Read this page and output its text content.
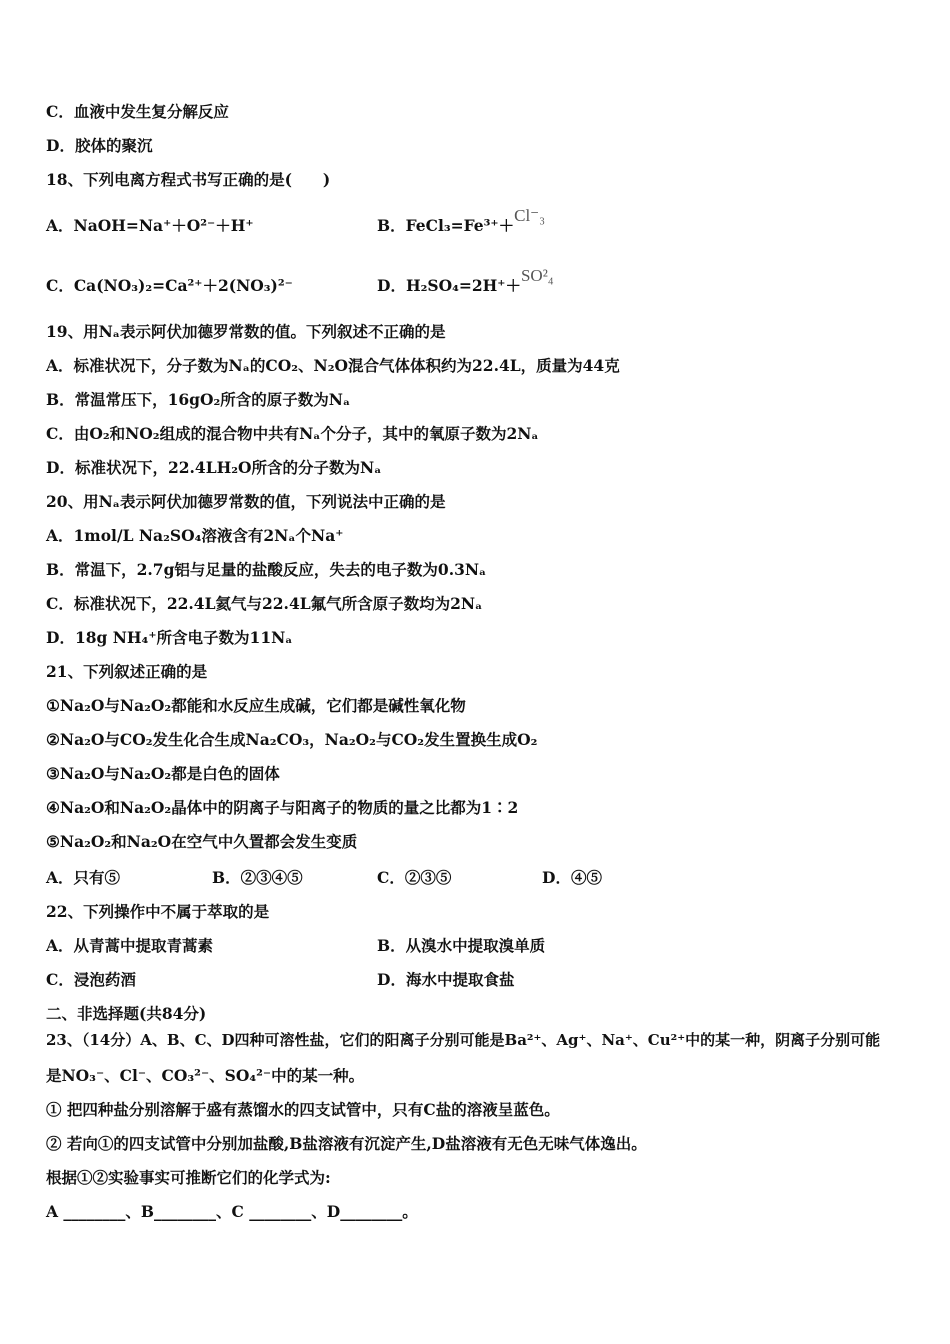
C．血液中发生复分解反应
D．胶体的聚沉
18、下列电离方程式书写正确的是(　　)
A．NaOH=Na⁺＋O²⁻＋H⁺	B．FeCl₃=Fe³⁺＋Cl⁻₃
C．Ca(NO₃)₂=Ca²⁺＋2(NO₃)²⁻	D．H₂SO₄=2H⁺＋SO²₄
19、用Nₐ表示阿伏加德罗常数的值。下列叙述不正确的是
A．标准状况下，分子数为Nₐ的CO₂、N₂O混合气体体积约为22.4L，质量为44克
B．常温常压下，16gO₂所含的原子数为Nₐ
C．由O₂和NO₂组成的混合物中共有Nₐ个分子，其中的氧原子数为2Nₐ
D．标准状况下，22.4LH₂O所含的分子数为Nₐ
20、用Nₐ表示阿伏加德罗常数的值，下列说法中正确的是
A．1mol/L Na₂SO₄溶液含有2Nₐ个Na⁺
B．常温下，2.7g铝与足量的盐酸反应，失去的电子数为0.3Nₐ
C．标准状况下，22.4L氦气与22.4L氟气所含原子数均为2Nₐ
D．18g NH₄⁺所含电子数为11Nₐ
21、下列叙述正确的是
①Na₂O与Na₂O₂都能和水反应生成碱，它们都是碱性氧化物
②Na₂O与CO₂发生化合生成Na₂CO₃，Na₂O₂与CO₂发生置换生成O₂
③Na₂O与Na₂O₂都是白色的固体
④Na₂O和Na₂O₂晶体中的阴离子与阳离子的物质的量之比都为1∶2
⑤Na₂O₂和Na₂O在空气中久置都会发生变质
A．只有⑤	B．②③④⑤	C．②③⑤	D．④⑤
22、下列操作中不属于萃取的是
A．从青蒿中提取青蒿素	B．从溴水中提取溴单质
C．浸泡药酒	D．海水中提取食盐
二、非选择题(共84分)
23、（14分）A、B、C、D四种可溶性盐，它们的阳离子分别可能是Ba²⁺、Ag⁺、Na⁺、Cu²⁺中的某一种，阴离子分别可能
是NO₃⁻、Cl⁻、CO₃²⁻、SO₄²⁻中的某一种。
① 把四种盐分别溶解于盛有蒸馏水的四支试管中，只有C盐的溶液呈蓝色。
② 若向①的四支试管中分别加盐酸,B盐溶液有沉淀产生,D盐溶液有无色无味气体逸出。
根据①②实验事实可推断它们的化学式为:
A ________、B________、C ________、D________。
